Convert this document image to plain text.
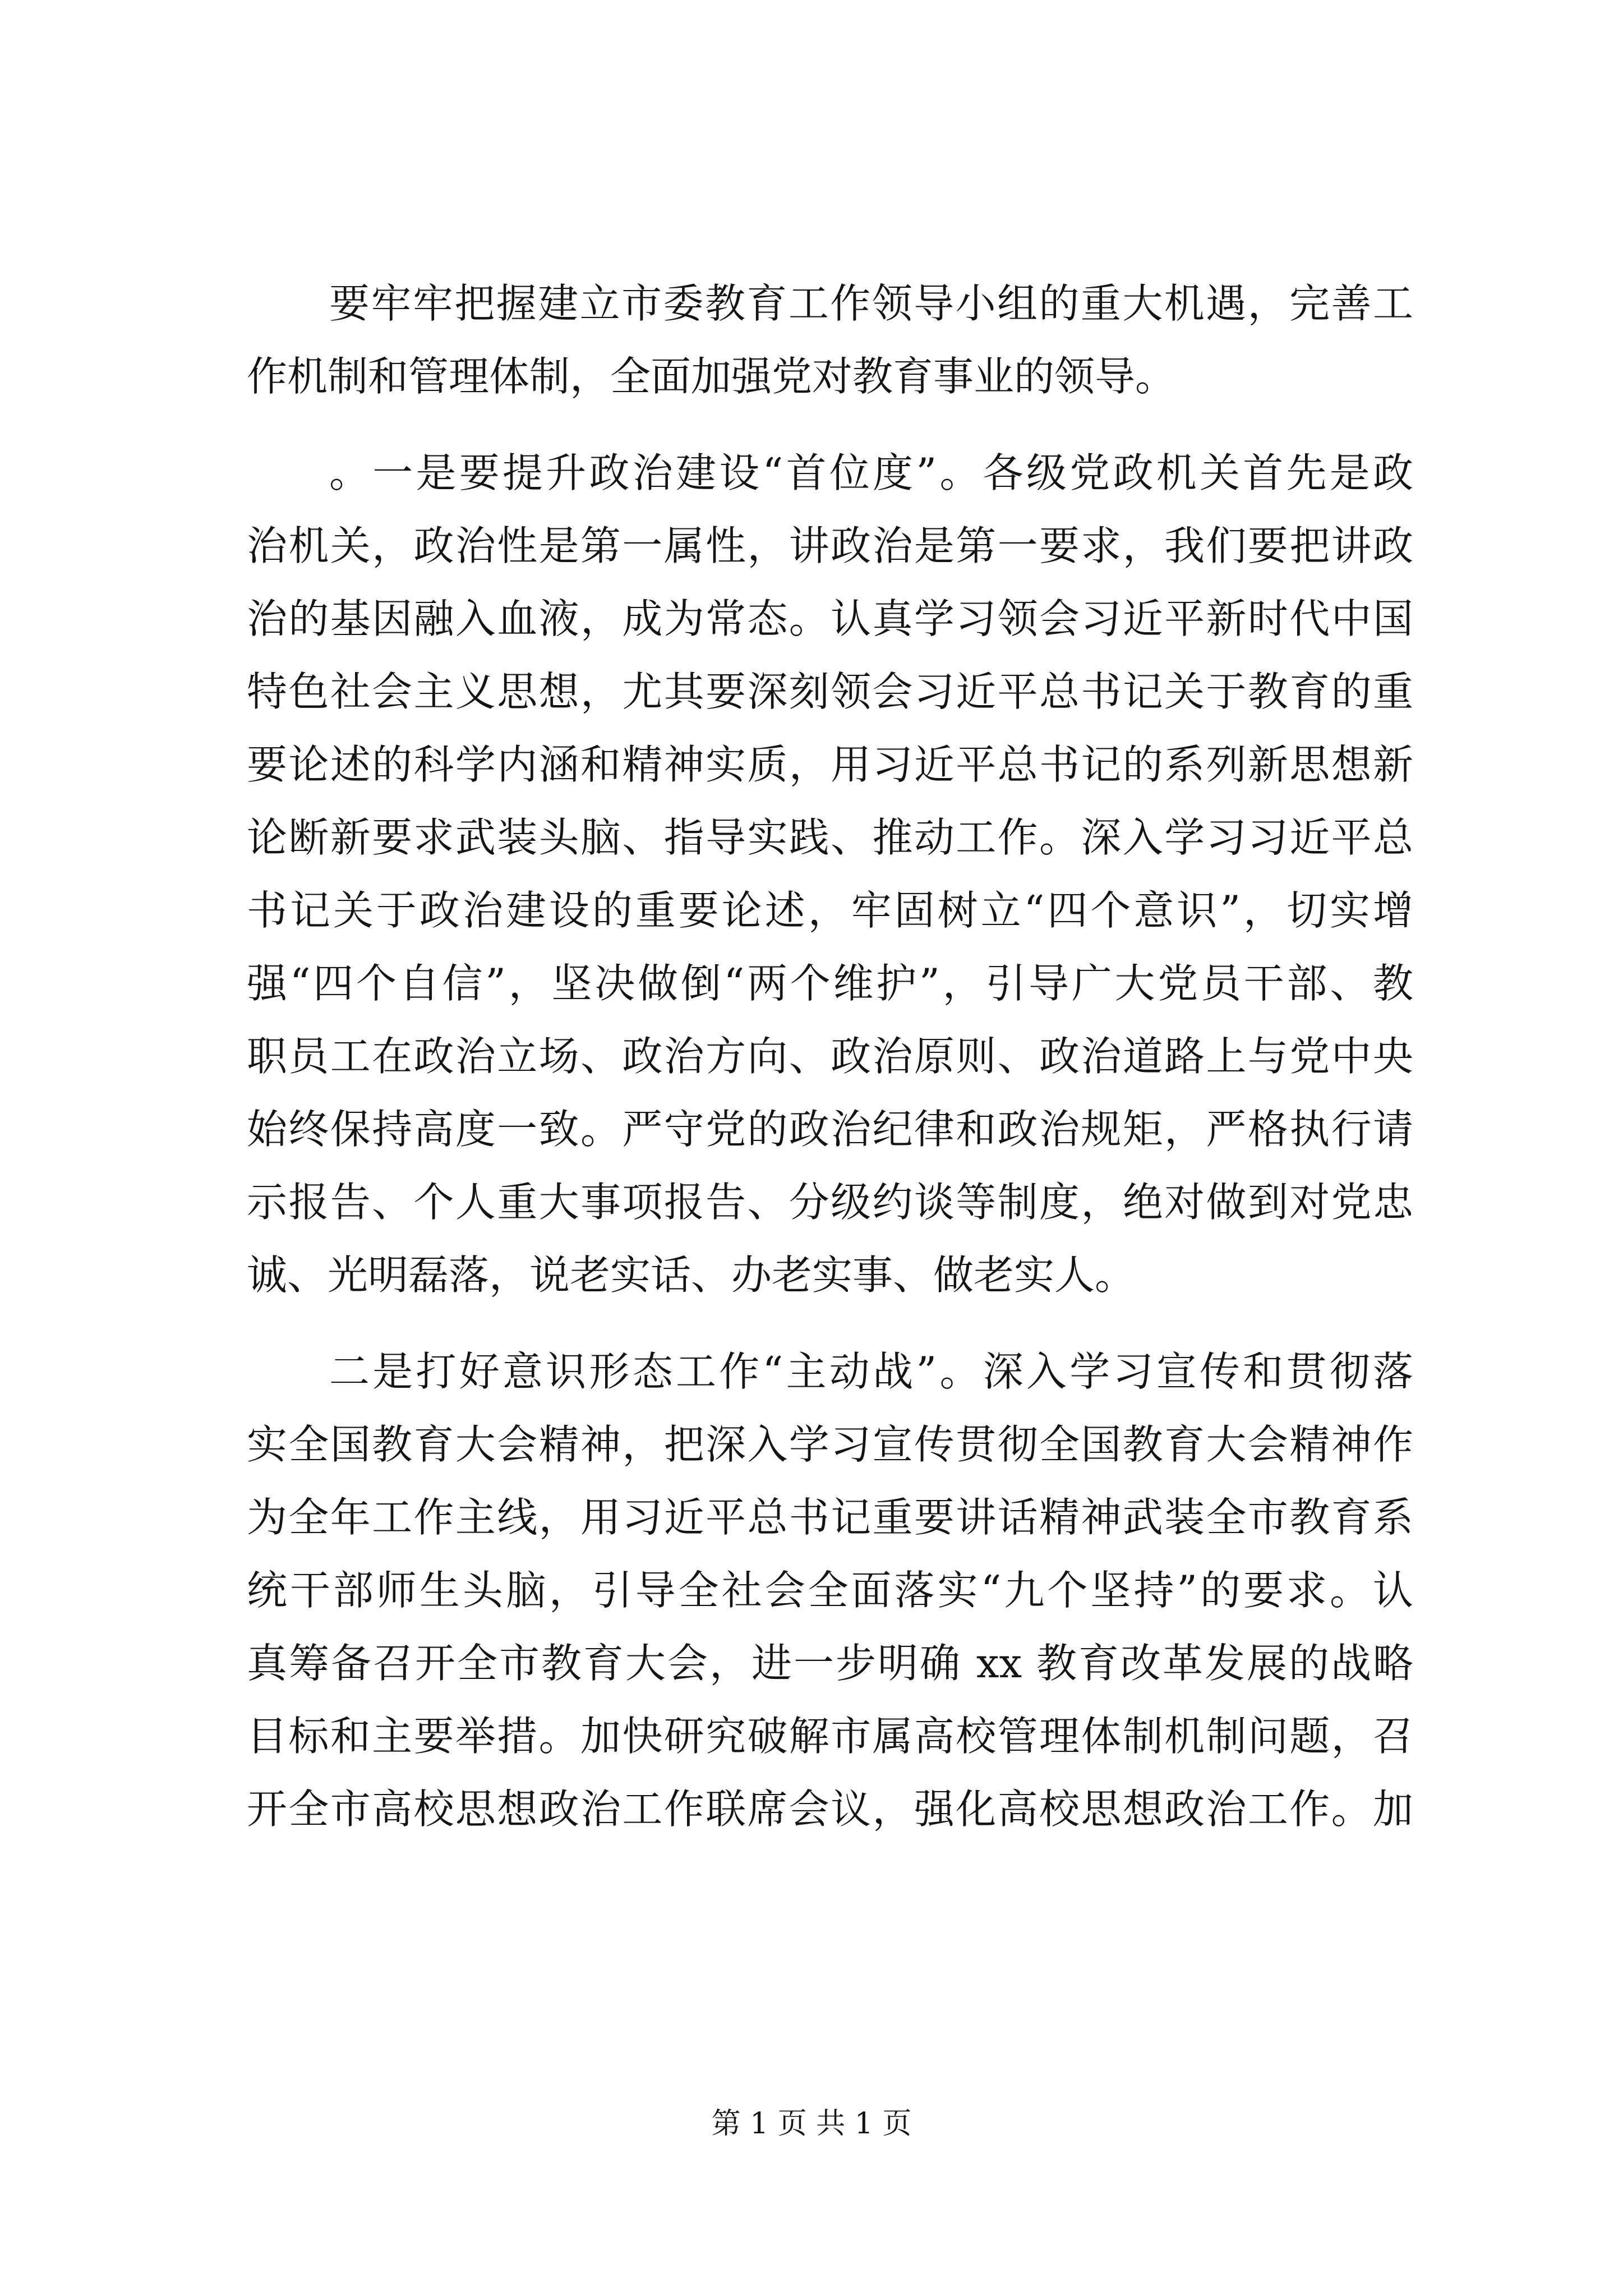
要牢牢把握建立市委教育工作领导小组的重大机遇，完善工
作机制和管理体制，全面加强党对教育事业的领导。
。一是要提升政治建设“首位度”。各级党政机关首先是政
治机关，政治性是第一属性，讲政治是第一要求，我们要把讲政
治的基因融入血液，成为常态。认真学习领会习近平新时代中国
特色社会主义思想，尤其要深刻领会习近平总书记关于教育的重
要论述的科学内涵和精神实质，用习近平总书记的系列新思想新
论断新要求武装头脑、指导实践、推动工作。深入学习习近平总
书记关于政治建设的重要论述，牢固树立“四个意识”，切实增
强“四个自信”，坚决做倒“两个维护”，引导广大党员干部、教
职员工在政治立场、政治方向、政治原则、政治道路上与党中央
始终保持高度一致。严守党的政治纪律和政治规矩，严格执行请
示报告、个人重大事项报告、分级约谈等制度，绝对做到对党忠
诚、光明磊落，说老实话、办老实事、做老实人。
二是打好意识形态工作“主动战”。深入学习宣传和贯彻落
实全国教育大会精神，把深入学习宣传贯彻全国教育大会精神作
为全年工作主线，用习近平总书记重要讲话精神武装全市教育系
统干部师生头脑，引导全社会全面落实“九个坚持”的要求。认
真筹备召开全市教育大会，进一步明确 xx 教育改革发展的战略
目标和主要举措。加快研究破解市属高校管理体制机制问题，召
开全市高校思想政治工作联席会议，强化高校思想政治工作。加
第 1 页 共 1 页
